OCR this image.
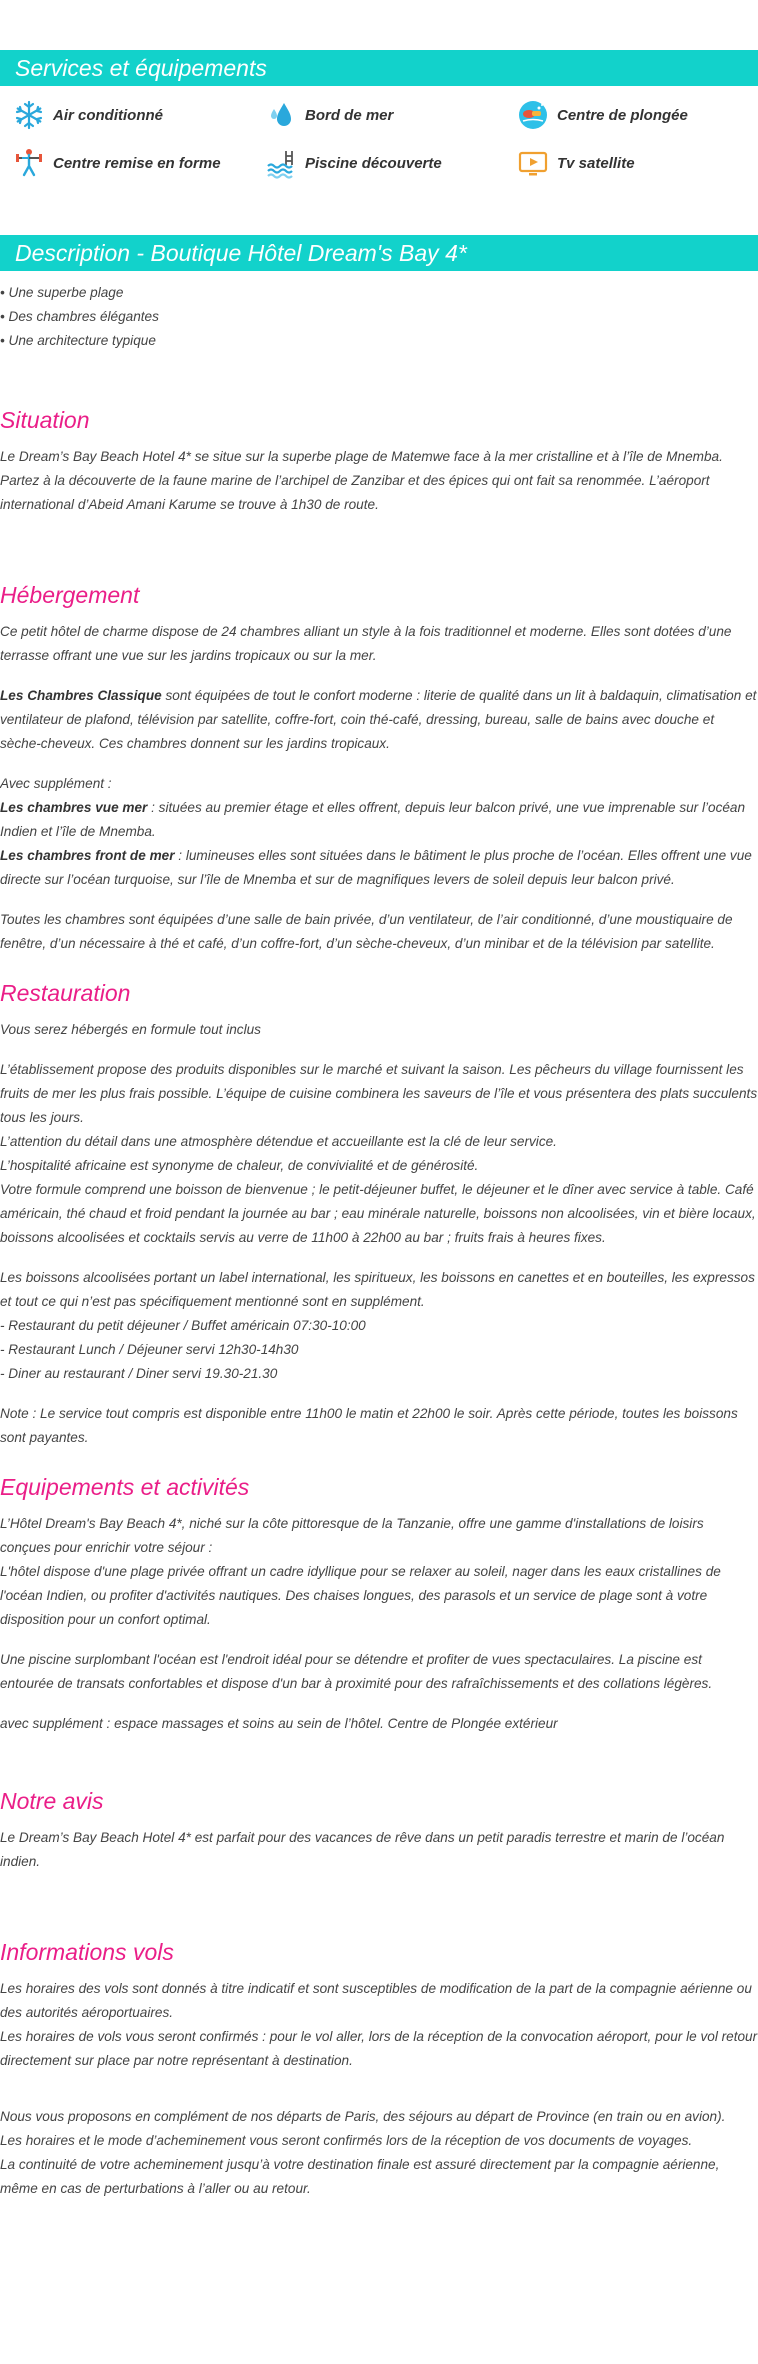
Services et équipements
Air conditionné	Bord de mer	Centre de plongée
Centre remise en forme	Piscine découverte	Tv satellite
Description - Boutique Hôtel Dream's Bay 4*
• Une superbe plage
• Des chambres élégantes
• Une architecture typique
Situation

Le Dream’s Bay Beach Hotel 4* se situe sur la superbe plage de Matemwe face à la mer cristalline et à l’île de Mnemba. Partez à la découverte de la faune marine de l’archipel de Zanzibar et des épices qui ont fait sa renommée. L’aéroport international d’Abeid Amani Karume se trouve à 1h30 de route.

Hébergement

Ce petit hôtel de charme dispose de 24 chambres alliant un style à la fois traditionnel et moderne. Elles sont dotées d’une terrasse offrant une vue sur les jardins tropicaux ou sur la mer.

Les Chambres Classique sont équipées de tout le confort moderne : literie de qualité dans un lit à baldaquin, climatisation et ventilateur de plafond, télévision par satellite, coffre-fort, coin thé-café, dressing, bureau, salle de bains avec douche et sèche-cheveux. Ces chambres donnent sur les jardins tropicaux.

Avec supplément :

Les chambres vue mer : situées au premier étage et elles offrent, depuis leur balcon privé, une vue imprenable sur l’océan Indien et l’île de Mnemba.

Les chambres front de mer : lumineuses elles sont situées dans le bâtiment le plus proche de l’océan. Elles offrent une vue directe sur l’océan turquoise, sur l’île de Mnemba et sur de magnifiques levers de soleil depuis leur balcon privé.

Toutes les chambres sont équipées d’une salle de bain privée, d’un ventilateur, de l’air conditionné, d’une moustiquaire de fenêtre, d’un nécessaire à thé et café, d’un coffre-fort, d’un sèche-cheveux, d’un minibar et de la télévision par satellite.

Restauration

Vous serez hébergés en formule tout inclus

L’établissement propose des produits disponibles sur le marché et suivant la saison. Les pêcheurs du village fournissent les fruits de mer les plus frais possible. L’équipe de cuisine combinera les saveurs de l’île et vous présentera des plats succulents tous les jours.

L’attention du détail dans une atmosphère détendue et accueillante est la clé de leur service.

L’hospitalité africaine est synonyme de chaleur, de convivialité et de générosité.

Votre formule comprend une boisson de bienvenue ; le petit-déjeuner buffet, le déjeuner et le dîner avec service à table. Café américain, thé chaud et froid pendant la journée au bar ; eau minérale naturelle, boissons non alcoolisées, vin et bière locaux, boissons alcoolisées et cocktails servis au verre de 11h00 à 22h00 au bar ; fruits frais à heures fixes.

Les boissons alcoolisées portant un label international, les spiritueux, les boissons en canettes et en bouteilles, les expressos et tout ce qui n’est pas spécifiquement mentionné sont en supplément.

- Restaurant du petit déjeuner / Buffet américain 07:30-10:00

- Restaurant Lunch / Déjeuner servi 12h30-14h30

- Diner au restaurant / Diner servi 19.30-21.30

Note : Le service tout compris est disponible entre 11h00 le matin et 22h00 le soir. Après cette période, toutes les boissons sont payantes.

Equipements et activités

L’Hôtel Dream's Bay Beach 4*, niché sur la côte pittoresque de la Tanzanie, offre une gamme d'installations de loisirs conçues pour enrichir votre séjour :

L'hôtel dispose d'une plage privée offrant un cadre idyllique pour se relaxer au soleil, nager dans les eaux cristallines de l'océan Indien, ou profiter d'activités nautiques. Des chaises longues, des parasols et un service de plage sont à votre disposition pour un confort optimal.

Une piscine surplombant l'océan est l'endroit idéal pour se détendre et profiter de vues spectaculaires. La piscine est entourée de transats confortables et dispose d'un bar à proximité pour des rafraîchissements et des collations légères.

avec supplément : espace massages et soins au sein de l’hôtel. Centre de Plongée extérieur

Notre avis

Le Dream’s Bay Beach Hotel 4* est parfait pour des vacances de rêve dans un petit paradis terrestre et marin de l’océan indien.

Informations vols

Les horaires des vols sont donnés à titre indicatif et sont susceptibles de modification de la part de la compagnie aérienne ou des autorités aéroportuaires.

Les horaires de vols vous seront confirmés : pour le vol aller, lors de la réception de la convocation aéroport, pour le vol retour directement sur place par notre représentant à destination.

Nous vous proposons en complément de nos départs de Paris, des séjours au départ de Province (en train ou en avion).

Les horaires et le mode d’acheminement vous seront confirmés lors de la réception de vos documents de voyages.

La continuité de votre acheminement jusqu’à votre destination finale est assuré directement par la compagnie aérienne, même en cas de perturbations à l’aller ou au retour.
